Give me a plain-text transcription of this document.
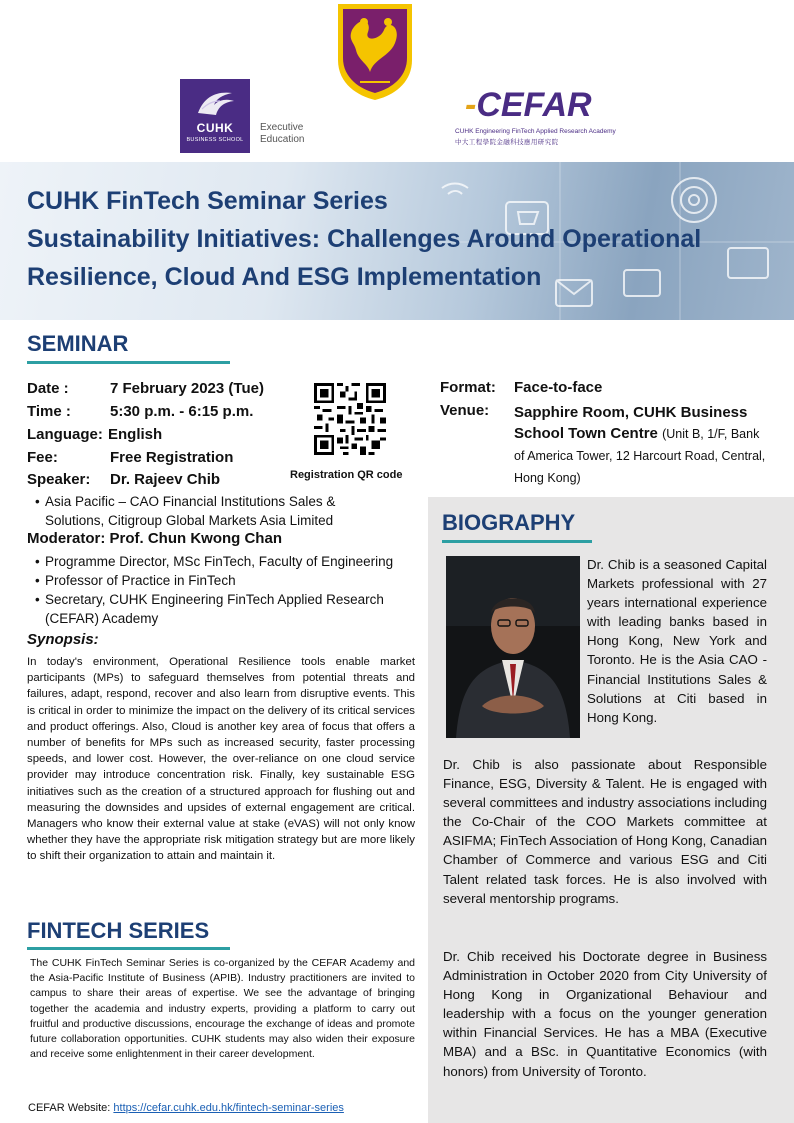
CUHK
BUSINESS SCHOOL
Executive
Education
-CEFAR
CUHK Engineering FinTech Applied Research Academy
中大工程學院金融科技應用研究院
CUHK FinTech Seminar Series
Sustainability Initiatives: Challenges Around Operational
Resilience, Cloud And ESG Implementation
SEMINAR
Date :	7 February 2023 (Tue)
Time :	5:30 p.m. - 6:15 p.m.
Language: English
Fee:	Free Registration
Speaker: Dr. Rajeev Chib	Registration QR code
• Asia Pacific – CAO Financial Institutions Sales &
Solutions, Citigroup Global Markets Asia Limited
Moderator: Prof. Chun Kwong Chan
• Programme Director, MSc FinTech, Faculty of Engineering
• Professor of Practice in FinTech
• Secretary, CUHK Engineering FinTech Applied Research
(CEFAR) Academy
Synopsis:
In today's environment, Operational Resilience tools enable market participants (MPs) to safeguard themselves from potential threats and failures, adapt, respond, recover and also learn from disruptive events. This is critical in order to minimize the impact on the delivery of its critical services and product offerings. Also, Cloud is another key area of focus that offers a number of benefits for MPs such as increased security, faster processing speeds, and lower cost. However, the over-reliance on one cloud service provider may introduce concentration risk. Finally, key sustainable ESG initiatives such as the creation of a structured approach for flushing out and measuring the downsides and upsides of external engagement are critical. Managers who know their external value at stake (eVAS) will not only know whether they have the appropriate risk mitigation strategy but are more likely to shift their organization to attain and maintain it.
FINTECH SERIES
The CUHK FinTech Seminar Series is co-organized by the CEFAR Academy and the Asia-Pacific Institute of Business (APIB). Industry practitioners are invited to campus to share their areas of expertise. We see the advantage of bringing together the academia and industry experts, providing a platform to carry out fruitful and productive discussions, encourage the exchange of ideas and promote future collaboration opportunities. CUHK students may also widen their exposure and receive some enlightenment in their career development.
CEFAR Website: https://cefar.cuhk.edu.hk/fintech-seminar-series
Format: Face-to-face
Venue: Sapphire Room, CUHK Business School Town Centre (Unit B, 1/F, Bank of America Tower, 12 Harcourt Road, Central, Hong Kong)
BIOGRAPHY
Dr. Chib is a seasoned Capital Markets professional with 27 years international experience with leading banks based in Hong Kong, New York and Toronto. He is the Asia CAO - Financial Institutions Sales & Solutions at Citi based in Hong Kong.
Dr. Chib is also passionate about Responsible Finance, ESG, Diversity & Talent. He is engaged with several committees and industry associations including the Co-Chair of the COO Markets committee at ASIFMA; FinTech Association of Hong Kong, Canadian Chamber of Commerce and various ESG and Citi Talent related task forces. He is also involved with several mentorship programs.
Dr. Chib received his Doctorate degree in Business Administration in October 2020 from City University of Hong Kong in Organizational Behaviour and leadership with a focus on the younger generation within Financial Services. He has a MBA (Executive MBA) and a BSc. in Quantitative Economics (with honors) from University of Toronto.
